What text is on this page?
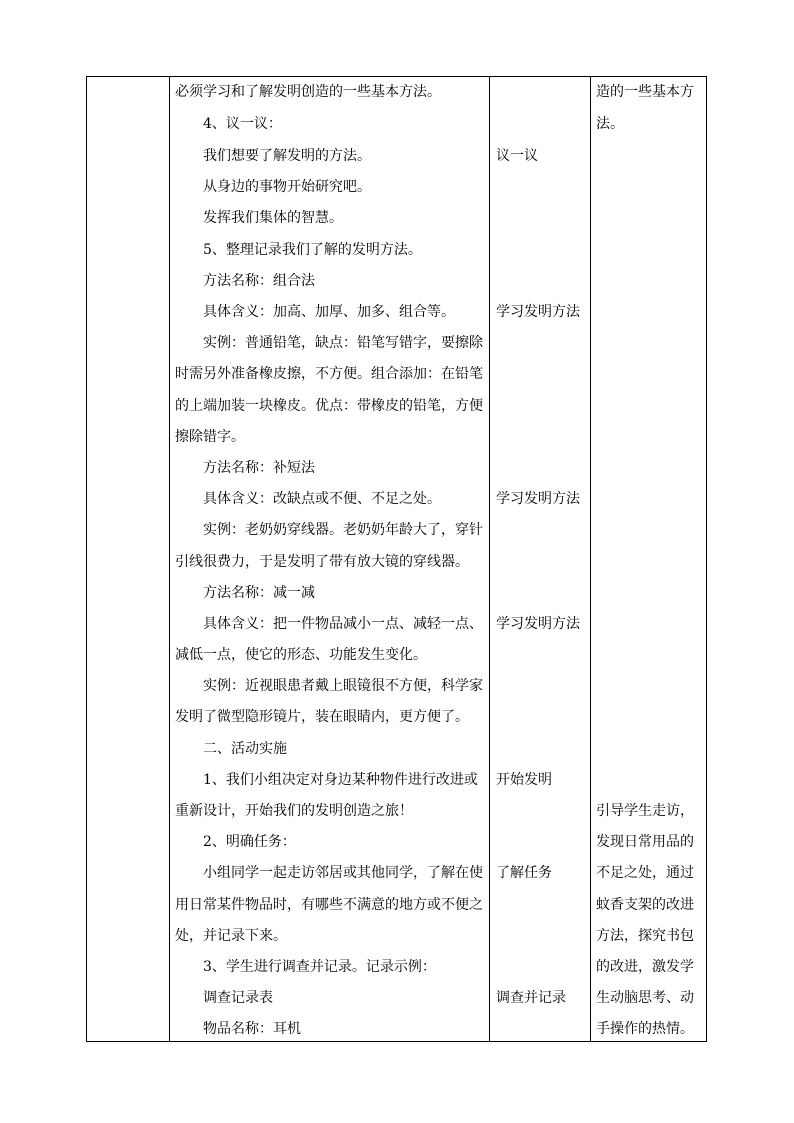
必须学习和了解发明创造的一些基本方法。
4、议一议：
我们想要了解发明的方法。
从身边的事物开始研究吧。
发挥我们集体的智慧。
5、整理记录我们了解的发明方法。
方法名称：组合法
具体含义：加高、加厚、加多、组合等。
实例：普通铅笔，缺点：铅笔写错字，要擦除
时需另外准备橡皮擦，不方便。组合添加：在铅笔
的上端加装一块橡皮。优点：带橡皮的铅笔，方便
擦除错字。
方法名称：补短法
具体含义：改缺点或不便、不足之处。
实例：老奶奶穿线器。老奶奶年龄大了，穿针
引线很费力，于是发明了带有放大镜的穿线器。
方法名称：减一减
具体含义：把一件物品减小一点、减轻一点、
减低一点，使它的形态、功能发生变化。
实例：近视眼患者戴上眼镜很不方便，科学家
发明了微型隐形镜片，装在眼睛内，更方便了。
二、活动实施
1、我们小组决定对身边某种物件进行改进或
重新设计，开始我们的发明创造之旅！
2、明确任务：
小组同学一起走访邻居或其他同学，了解在使
用日常某件物品时，有哪些不满意的地方或不便之
处，并记录下来。
3、学生进行调查并记录。记录示例：
调查记录表
物品名称：耳机
议一议
学习发明方法
学习发明方法
学习发明方法
开始发明
了解任务
调查并记录
造的一些基本方
法。
引导学生走访，
发现日常用品的
不足之处，通过
蚊香支架的改进
方法，探究书包
的改进，激发学
生动脑思考、动
手操作的热情。
